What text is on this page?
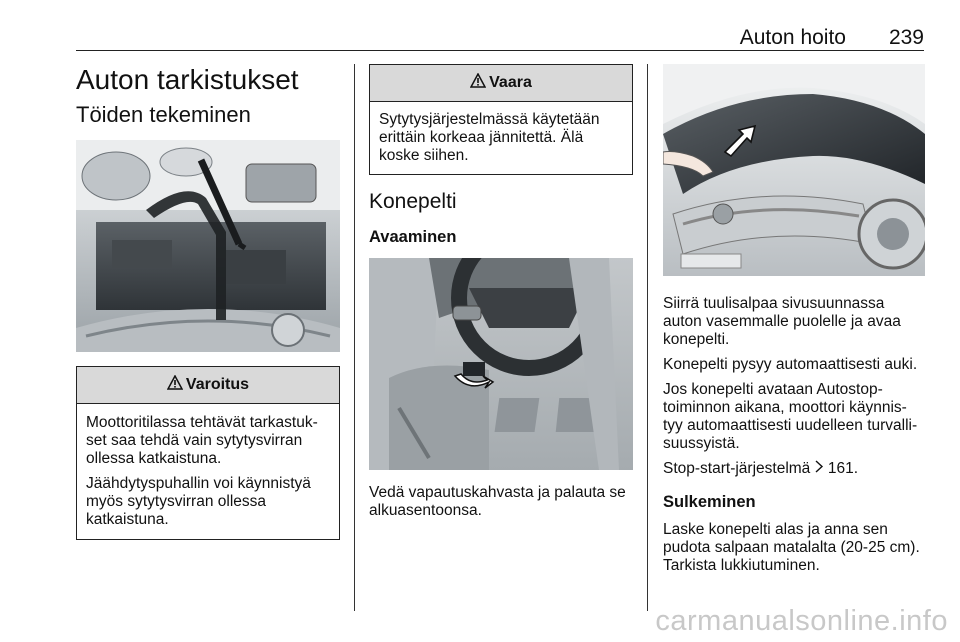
Auton hoito 239
Auton tarkistukset
Töiden tekeminen
Varoitus

Moottoritilassa tehtävät tarkastuk-set saa tehdä vain sytytysvirran ollessa katkaistuna.

Jäähdytyspuhallin voi käynnistyä myös sytytysvirran ollessa katkaistuna.

Vaara

Sytytysjärjestelmässä käytetään erittäin korkeaa jännitettä. Älä koske siihen.

Konepelti
Avaaminen

Vedä vapautuskahvasta ja palauta se alkuasentoonsa.

Siirrä tuulisalpaa sivusuunnassa auton vasemmalle puolelle ja avaa konepelti.

Konepelti pysyy automaattisesti auki.

Jos konepelti avataan Autostop-toiminnon aikana, moottori käynnis-tyy automaattisesti uudelleen turvalli-suussyistä.

Stop-start-järjestelmä 161.

Sulkeminen

Laske konepelti alas ja anna sen pudota salpaan matalalta (20-25 cm). Tarkista lukkiutuminen.

carmanualsonline.info
